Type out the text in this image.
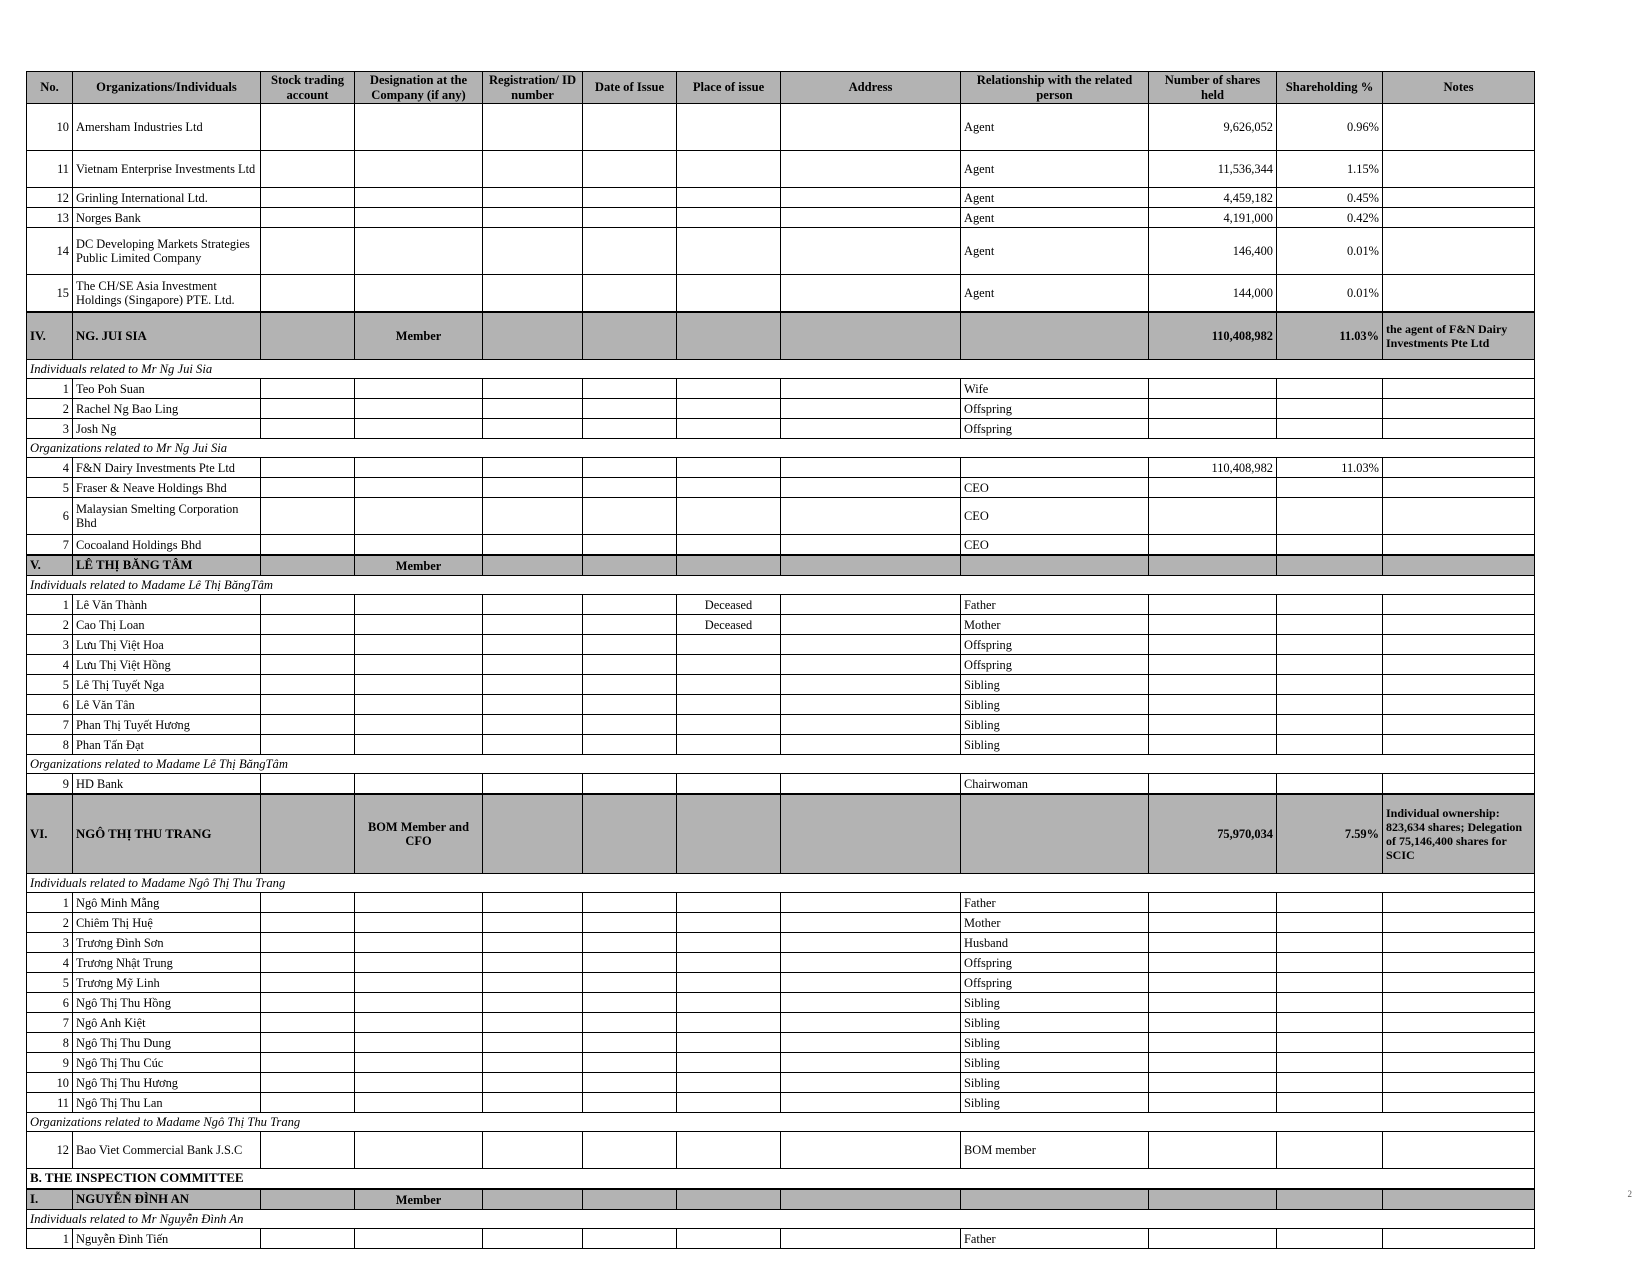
No.	Organizations/Individuals	Stock trading account	Designation at the Company (if any)	Registration/ ID number	Date of Issue	Place of issue	Address	Relationship with the related person	Number of shares held	Shareholding %	Notes
10	Amersham Industries Ltd							Agent	9,626,052	0.96%	
11	Vietnam Enterprise Investments Ltd							Agent	11,536,344	1.15%	
12	Grinling International Ltd.							Agent	4,459,182	0.45%	
13	Norges Bank							Agent	4,191,000	0.42%	
14	DC Developing Markets Strategies Public Limited Company							Agent	146,400	0.01%	
15	The CH/SE Asia Investment Holdings (Singapore) PTE. Ltd.							Agent	144,000	0.01%	
IV.	NG. JUI SIA		Member						110,408,982	11.03%	the agent of F&N Dairy Investments Pte Ltd
Individuals related to Mr Ng Jui Sia											
1	Teo Poh Suan							Wife			
2	Rachel Ng Bao Ling							Offspring			
3	Josh Ng							Offspring			
Organizations related to Mr Ng Jui Sia											
4	F&N Dairy Investments Pte Ltd								110,408,982	11.03%	
5	Fraser & Neave Holdings Bhd							CEO			
6	Malaysian Smelting Corporation Bhd							CEO			
7	Cocoaland Holdings Bhd							CEO			
V.	LÊ THỊ BĂNG TÂM		Member								
Individuals related to Madame Lê Thị BăngTâm											
1	Lê Văn Thành					Deceased		Father			
2	Cao Thị Loan					Deceased		Mother			
3	Lưu Thị Việt Hoa							Offspring			
4	Lưu Thị Việt Hồng							Offspring			
5	Lê Thị Tuyết Nga							Sibling			
6	Lê Văn Tân							Sibling			
7	Phan Thị Tuyết Hương							Sibling			
8	Phan Tấn Đạt							Sibling			
Organizations related to Madame Lê Thị BăngTâm											
9	HD Bank							Chairwoman			
VI.	NGÔ THỊ THU TRANG		BOM Member and CFO						75,970,034	7.59%	Individual ownership: 823,634 shares; Delegation of 75,146,400 shares for SCIC
Individuals related to Madame Ngô Thị Thu Trang											
1	Ngô Minh Mẵng							Father			
2	Chiêm Thị Huệ							Mother			
3	Trương Đình Sơn							Husband			
4	Trương Nhật Trung							Offspring			
5	Trương Mỹ Linh							Offspring			
6	Ngô Thị Thu Hồng							Sibling			
7	Ngô Anh Kiệt							Sibling			
8	Ngô Thị Thu Dung							Sibling			
9	Ngô Thị Thu Cúc							Sibling			
10	Ngô Thị Thu Hương							Sibling			
11	Ngô Thị Thu Lan							Sibling			
Organizations related to Madame Ngô Thị Thu Trang											
12	Bao Viet Commercial Bank J.S.C							BOM member			
B. THE INSPECTION COMMITTEE											
I.	NGUYỄN ĐÌNH AN		Member								
Individuals related to Mr Nguyễn Đình An											
1	Nguyễn Đình Tiến							Father			
2
